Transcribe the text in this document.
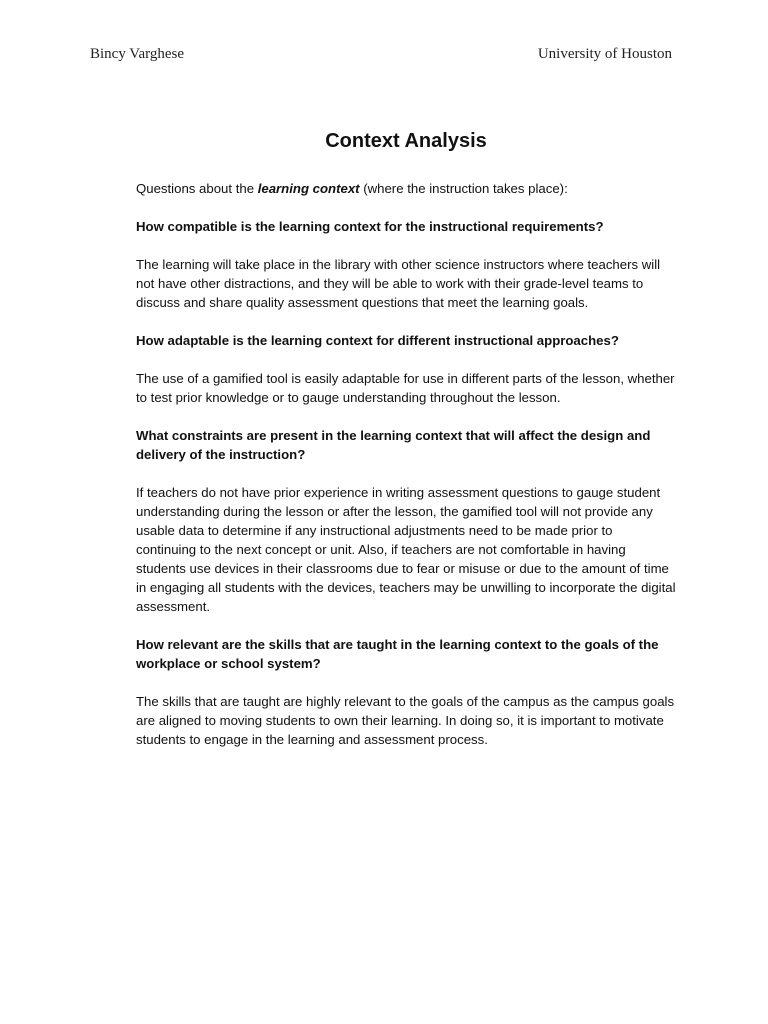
Bincy Varghese	University of Houston
Context Analysis

Questions about the learning context (where the instruction takes place):

How compatible is the learning context for the instructional requirements?

The learning will take place in the library with other science instructors where teachers will not have other distractions, and they will be able to work with their grade-level teams to discuss and share quality assessment questions that meet the learning goals.

How adaptable is the learning context for different instructional approaches?

The use of a gamified tool is easily adaptable for use in different parts of the lesson, whether to test prior knowledge or to gauge understanding throughout the lesson.

What constraints are present in the learning context that will affect the design and delivery of the instruction?

If teachers do not have prior experience in writing assessment questions to gauge student understanding during the lesson or after the lesson, the gamified tool will not provide any usable data to determine if any instructional adjustments need to be made prior to continuing to the next concept or unit. Also, if teachers are not comfortable in having students use devices in their classrooms due to fear or misuse or due to the amount of time in engaging all students with the devices, teachers may be unwilling to incorporate the digital assessment.

How relevant are the skills that are taught in the learning context to the goals of the workplace or school system?

The skills that are taught are highly relevant to the goals of the campus as the campus goals are aligned to moving students to own their learning. In doing so, it is important to motivate students to engage in the learning and assessment process.
